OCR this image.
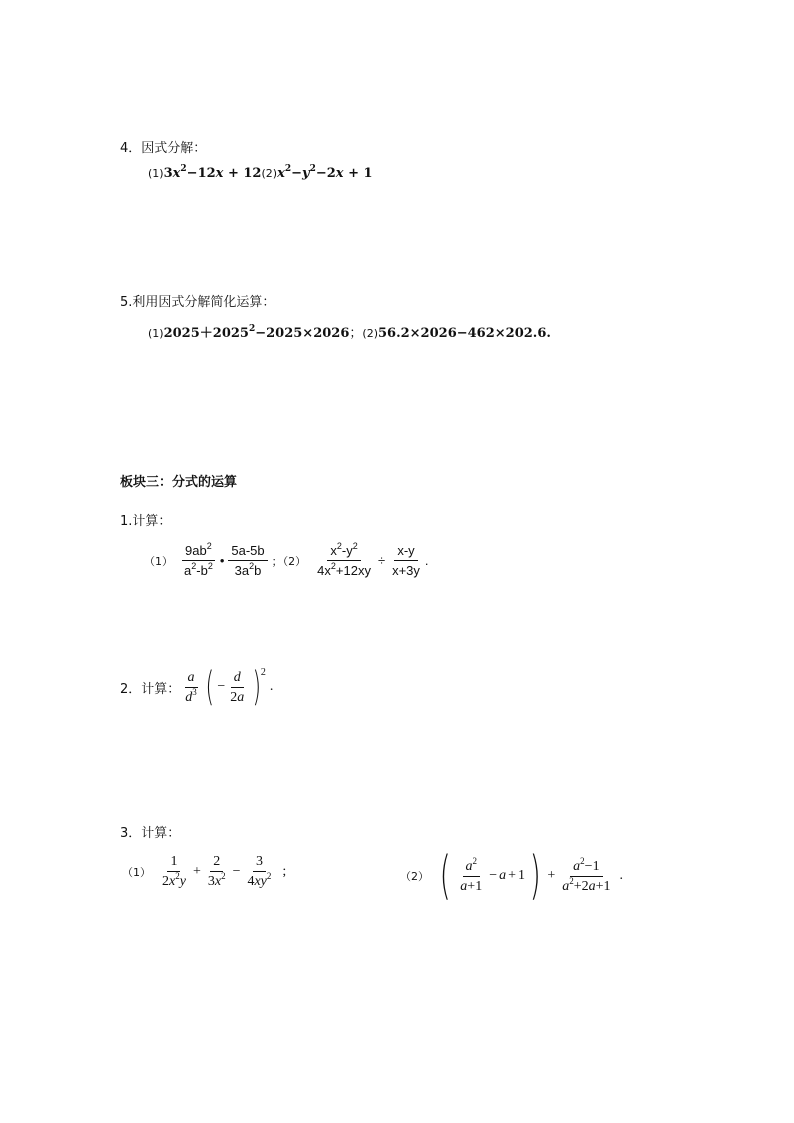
4．因式分解：
$(1)3x^2-12x + 12(2)x^2-y^2-2x + 1$
5.利用因式分解简化运算：
$(1)2025+2025^2-2025\times 2026$；(2)56.2×2026−462×202.6.
板块三：分式的运算
1.计算：
$(1) \frac{9ab^2}{a^2-b^2}$ • $\frac{5a-5b}{3a^2b}$ ；$(2) \frac{x^2-y^2}{4x^2+12xy} \div \frac{x-y}{x+3y}$ .
2．计算： $\frac{a}{d^3}$ ( − $\frac{d}{2a}$ ) 2
.
3．计算：
$(1) \frac{1}{2x^2y} + \frac{2}{3x^2} - \frac{3}{4xy^2}$ ;	（2） ( $\frac{a^2}{a+1} - a + 1$ ) + $\frac{a^2-1}{a^2+2a+1}$ .
